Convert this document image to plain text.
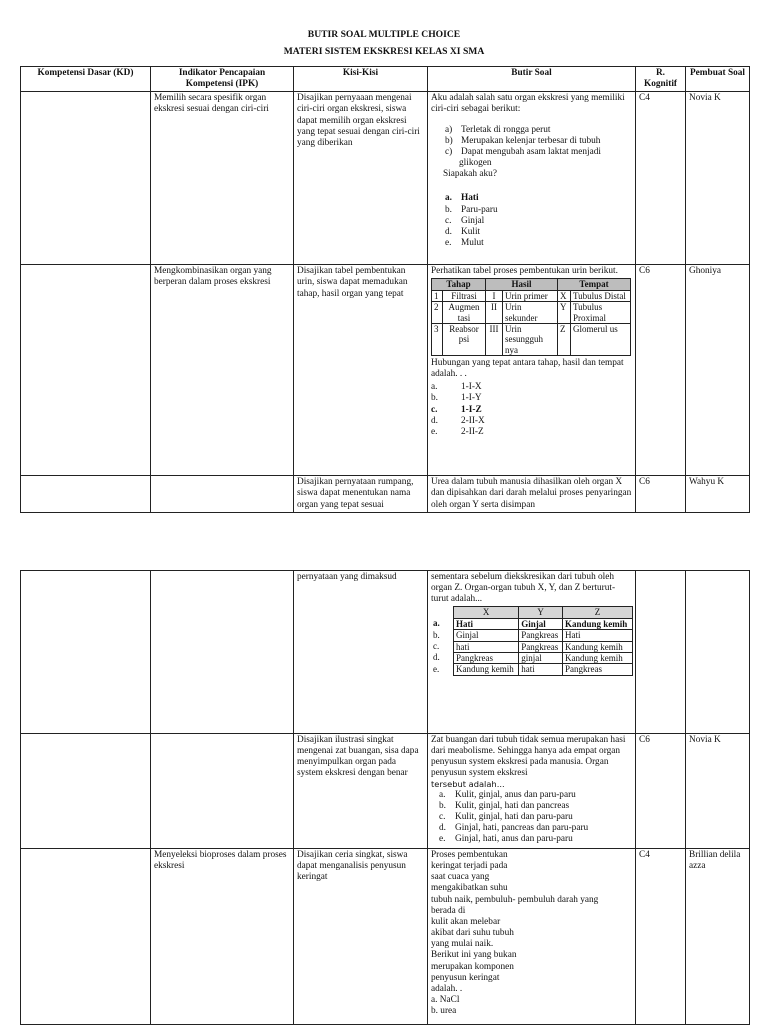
BUTIR SOAL MULTIPLE CHOICE
MATERI SISTEM EKSKRESI KELAS XI SMA
Kompetensi Dasar (KD)	Indikator Pencapaian Kompetensi (IPK)	Kisi-Kisi	Butir Soal	R. Kognitif	Pembuat Soal
	Memilih secara spesifik organ ekskresi sesuai dengan ciri-ciri	Disajikan pernyaaan mengenai ciri-ciri organ ekskresi, siswa dapat memilih organ ekskresi yang tepat sesuai dengan ciri-ciri yang diberikan	
Aku adalah salah satu organ ekskresi yang memiliki ciri-ciri sebagai berikut:
a) Terletak di rongga perut
b) Merupakan kelenjar terbesar di tubuh
c) Dapat mengubah asam laktat menjadi glikogen
Siapakah aku?
a. Hati
b. Paru-paru
c. Ginjal
d. Kulit
e. Mulut
	C4	Novia K
	Mengkombinasikan organ yang berperan dalam proses ekskresi	Disajikan tabel pembentukan urin, siswa dapat memadukan tahap, hasil organ yang tepat	
Perhatikan tabel proses pembentukan urin berikut.
Tahap	Hasil	Tempat
1	Filtrasi	I	Urin primer	X	Tubulus Distal
2	Augmen tasi	II	Urin sekunder	Y	Tubulus Proximal
3	Reabsor psi	III	Urin sesungguh nya	Z	Glomerul us
Hubungan yang tepat antara tahap, hasil dan tempat adalah. . .
a.	1-I-X
b. 1-I-Y
c.	1-I-Z
d. 2-II-X
e.	2-II-Z
	C6	Ghoniya
		Disajikan pernyataan rumpang, siswa dapat menentukan nama organ yang tepat sesuai	Urea dalam tubuh manusia dihasilkan oleh organ X dan dipisahkan dari darah melalui proses penyaringan oleh organ Y serta disimpan	C6	Wahyu K
		pernyataan yang dimaksud	sementara sebelum diekskresikan dari tubuh oleh organ Z. Organ-organ tubuh X, Y, dan Z berturut- turut adalah...
	X	Y	Z
a.	Hati	Ginjal	Kandung kemih
b.	Ginjal	Pangkreas	Hati
c.	hati	Pangkreas	Kandung kemih
d.	Pangkreas	ginjal	Kandung kemih
e.	Kandung kemih	hati	Pangkreas

		Disajikan ilustrasi singkat mengenai zat buangan, sisa dapa menyimpulkan organ pada system ekskresi dengan benar	
Zat buangan dari tubuh tidak semua merupakan hasi dari meabolisme. Sehingga hanya ada empat organ penyusun system ekskresi pada manusia. Organ penyusun system ekskresi
tersebut adalah...
a. Kulit, ginjal, anus dan paru-paru
b. Kulit, ginjal, hati dan pancreas
c. Kulit, ginjal, hati dan paru-paru
d. Ginjal, hati, pancreas dan paru-paru
e. Ginjal, hati, anus dan paru-paru
	C6	Novia K
	Menyeleksi bioproses dalam proses ekskresi	Disajikan ceria singkat, siswa dapat menganalisis penyusun keringat	
Proses pembentukan
keringat terjadi pada
saat cuaca yang
mengakibatkan suhu
tubuh naik, pembuluh- pembuluh darah yang
berada di
kulit akan melebar
akibat dari suhu tubuh
yang mulai naik.
Berikut ini yang bukan
merupakan komponen
penyusun keringat
adalah. .
a. NaCl
b. urea
	C4	Brillian delila azza
